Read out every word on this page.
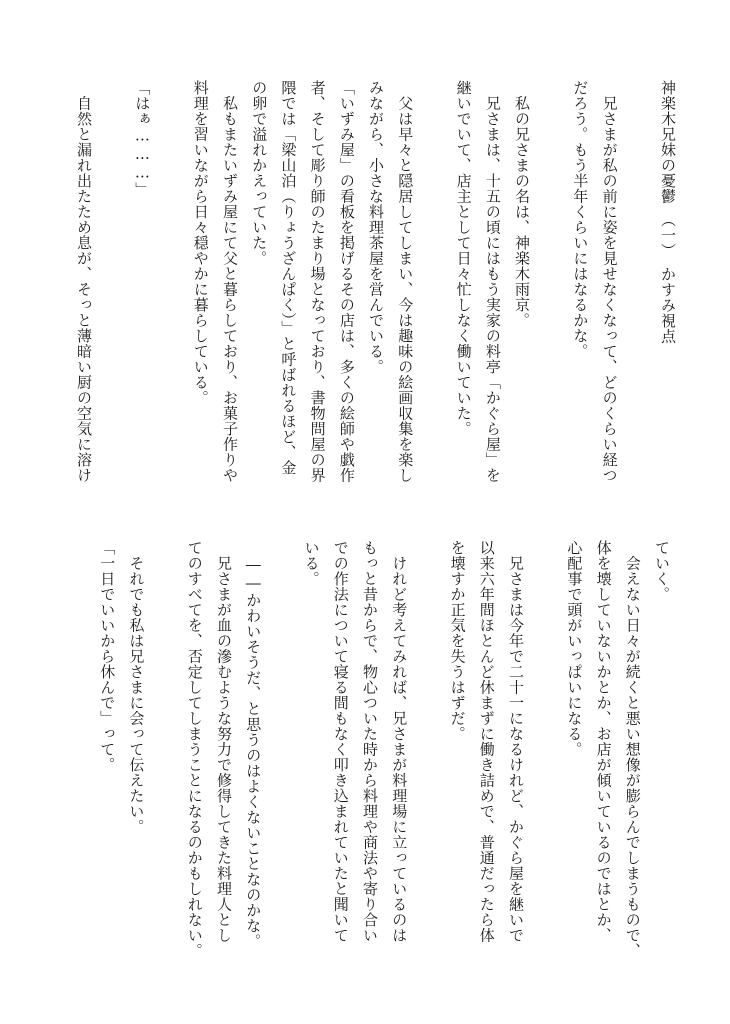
神楽木兄妹の憂鬱　（一）　かすみ視点
　兄さまが私の前に姿を見せなくなって、どのくらい経つ
だろう。もう半年くらいにはなるかな。
　私の兄さまの名は、神楽木雨京。
　兄さまは、十五の頃にはもう実家の料亭「かぐら屋」を
継いでいて、店主として日々忙しなく働いていた。
　父は早々と隠居してしまい、今は趣味の絵画収集を楽し
みながら、小さな料理茶屋を営んでいる。
「いずみ屋」の看板を掲げるその店は、多くの絵師や戯作
者、そして彫り師のたまり場となっており、書物問屋の界
隈では「梁山泊（りょうざんぱく）」と呼ばれるほど、金
の卵で溢れかえっていた。
　私もまたいずみ屋にて父と暮らしており、お菓子作りや
料理を習いながら日々穏やかに暮らしている。
「はぁ………」
　自然と漏れ出たため息が、そっと薄暗い厨の空気に溶け
ていく。
　会えない日々が続くと悪い想像が膨らんでしまうもので、
体を壊していないかとか、お店が傾いているのではとか、
心配事で頭がいっぱいになる。
　兄さまは今年で二十一になるけれど、かぐら屋を継いで
以来六年間ほとんど休まずに働き詰めで、普通だったら体
を壊すか正気を失うはずだ。
　けれど考えてみれば、兄さまが料理場に立っているのは
もっと昔からで、物心ついた時から料理や商法や寄り合い
での作法について寝る間もなく叩き込まれていたと聞いて
いる。
　――かわいそうだ、と思うのはよくないことなのかな。
　兄さまが血の滲むような努力で修得してきた料理人とし
てのすべてを、否定してしまうことになるのかもしれない。
　それでも私は兄さまに会って伝えたい。
「一日でいいから休んで」って。
